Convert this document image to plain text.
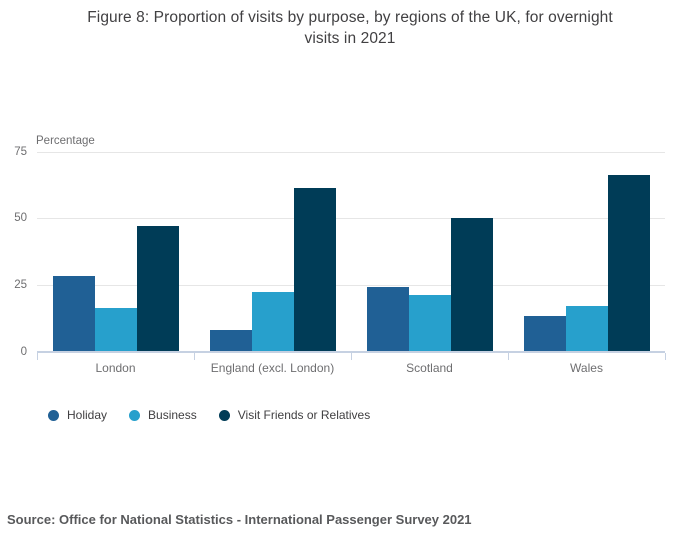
Figure 8: Proportion of visits by purpose, by regions of the UK, for overnight
visits in 2021
Percentage
0
25
50
75
London	England (excl. London)	Scotland	Wales
Holiday	Business	Visit Friends or Relatives

Source: Office for National Statistics - International Passenger Survey 2021
